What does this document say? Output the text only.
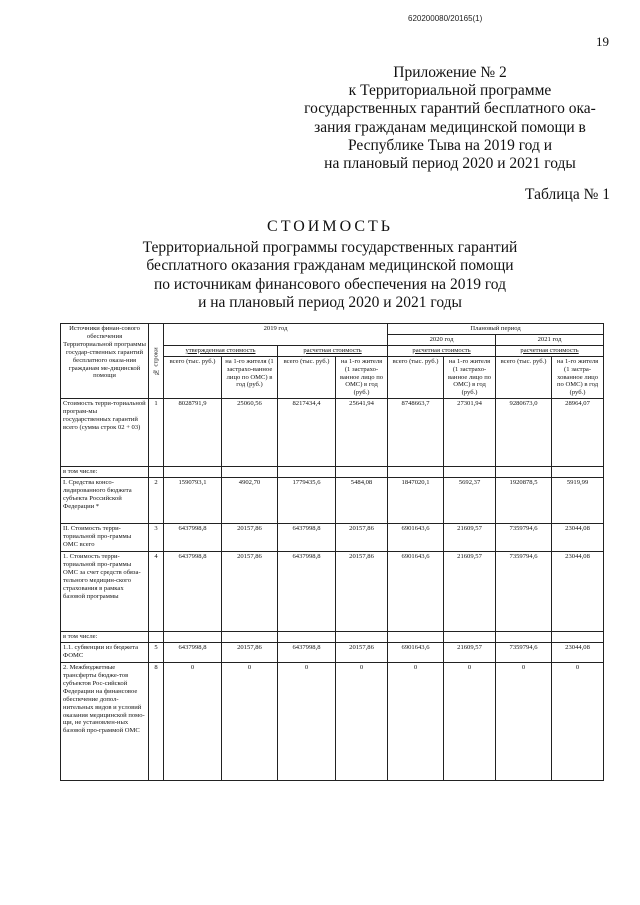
620200080/20165(1)
19
Приложение № 2
к Территориальной программе
государственных гарантий бесплатного ока-
зания гражданам медицинской помощи в
Республике Тыва на 2019 год и
на плановый период 2020 и 2021 годы
Таблица № 1
СТОИМОСТЬ
Территориальной программы государственных гарантий
бесплатного оказания гражданам медицинской помощи
по источникам финансового обеспечения на 2019 год
и на плановый период 2020 и 2021 годы
Источники финан-сового обеспечения Территориальной программы государ-ственных гарантий бесплатного оказа-ния гражданам ме-дицинской помощи	№ строки	2019 год				Плановый период			
						2020 год		2021 год	
		утвержденная стоимость		расчетная стоимость		расчетная стоимость		расчетная стоимость	
		всего (тыс. руб.)	на 1-го жителя (1 застрахо-ванное лицо по ОМС) в год (руб.)	всего (тыс. руб.)	на 1-го жителя (1 застрахо-ванное лицо по ОМС) в год (руб.)	всего (тыс. руб.)	на 1-го жителя (1 застрахо-ванное лицо по ОМС) в год (руб.)	всего (тыс. руб.)	на 1-го жителя (1 застра-хованное лицо по ОМС) в год (руб.)
Стоимость терри-ториальной програм-мы государственных гарантий всего (сумма строк 02 + 03)	1	8028791,9	25060,56	8217434,4	25641,94	8748663,7	27301,94	9280673,0	28964,07
в том числе:									
I. Средства консо-лидированного бюджета субъекта Российской Федерации *	2	1590793,1	4902,70	1779435,6	5484,08	1847020,1	5692,37	1920878,5	5919,99
II. Стоимость терри-ториальной про-граммы ОМС всего	3	6437998,8	20157,86	6437998,8	20157,86	6901643,6	21609,57	7359794,6	23044,08
1. Стоимость терри-ториальной про-граммы ОМС за счет средств обяза-тельного медицин-ского страхования в рамках базовой программы	4	6437998,8	20157,86	6437998,8	20157,86	6901643,6	21609,57	7359794,6	23044,08
в том числе:									
1.1. субвенции из бюджета ФОМС	5	6437998,8	20157,86	6437998,8	20157,86	6901643,6	21609,57	7359794,6	23044,08
2. Межбюджетные трансферты бюдже-тов субъектов Рос-сийской Федерации на финансовое обеспечение допол-нительных видов и условий оказания медицинской помо-щи, не установлен-ных базовой про-граммой ОМС	8	0	0	0	0	0	0	0	0
